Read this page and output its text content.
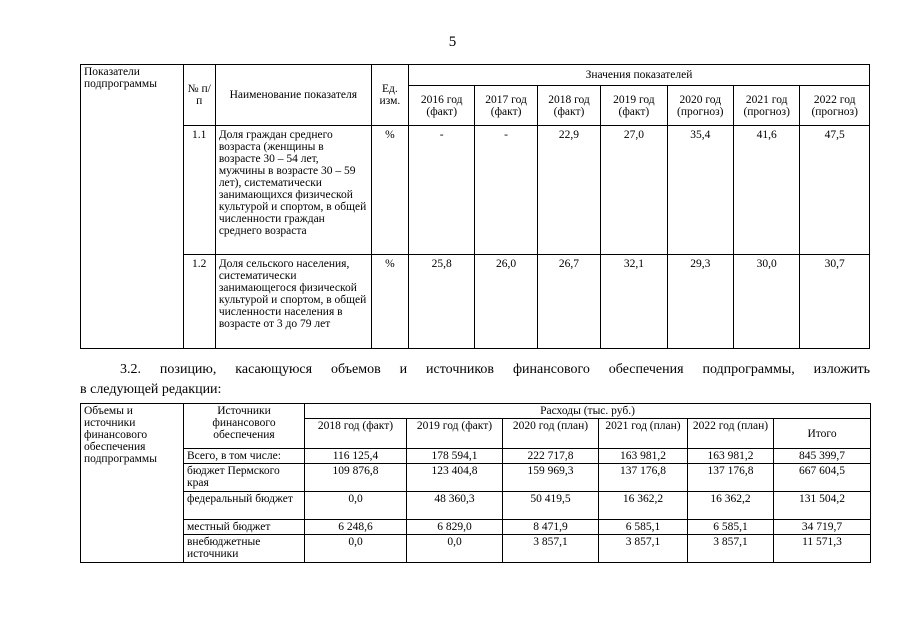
5
Показатели подпрограммы	№ п/п	Наименование показателя	Ед. изм.	Значения показателей						
				2016 год (факт)	2017 год (факт)	2018 год (факт)	2019 год (факт)	2020 год (прогноз)	2021 год (прогноз)	2022 год (прогноз)
	1.1	Доля граждан среднего возраста (женщины в возрасте 30 – 54 лет, мужчины в возрасте 30 – 59 лет), систематически занимающихся физической культурой и спортом, в общей численности граждан среднего возраста	%	-	-	22,9	27,0	35,4	41,6	47,5
	1.2	Доля сельского населения, систематически занимающегося физической культурой и спортом, в общей численности населения в возрасте от 3 до 79 лет	%	25,8	26,0	26,7	32,1	29,3	30,0	30,7
3.2. позицию, касающуюся объемов и источников финансового обеспечения подпрограммы, изложить
в следующей редакции:
Объемы и источники финансового обеспечения подпрограммы	Источники финансового обеспечения	Расходы (тыс. руб.)					
		2018 год (факт)	2019 год (факт)	2020 год (план)	2021 год (план)	2022 год (план)	Итого
	Всего, в том числе:	116 125,4	178 594,1	222 717,8	163 981,2	163 981,2	845 399,7
	бюджет Пермского края	109 876,8	123 404,8	159 969,3	137 176,8	137 176,8	667 604,5
	федеральный бюджет	0,0	48 360,3	50 419,5	16 362,2	16 362,2	131 504,2
	местный бюджет	6 248,6	6 829,0	8 471,9	6 585,1	6 585,1	34 719,7
	внебюджетные источники	0,0	0,0	3 857,1	3 857,1	3 857,1	11 571,3
